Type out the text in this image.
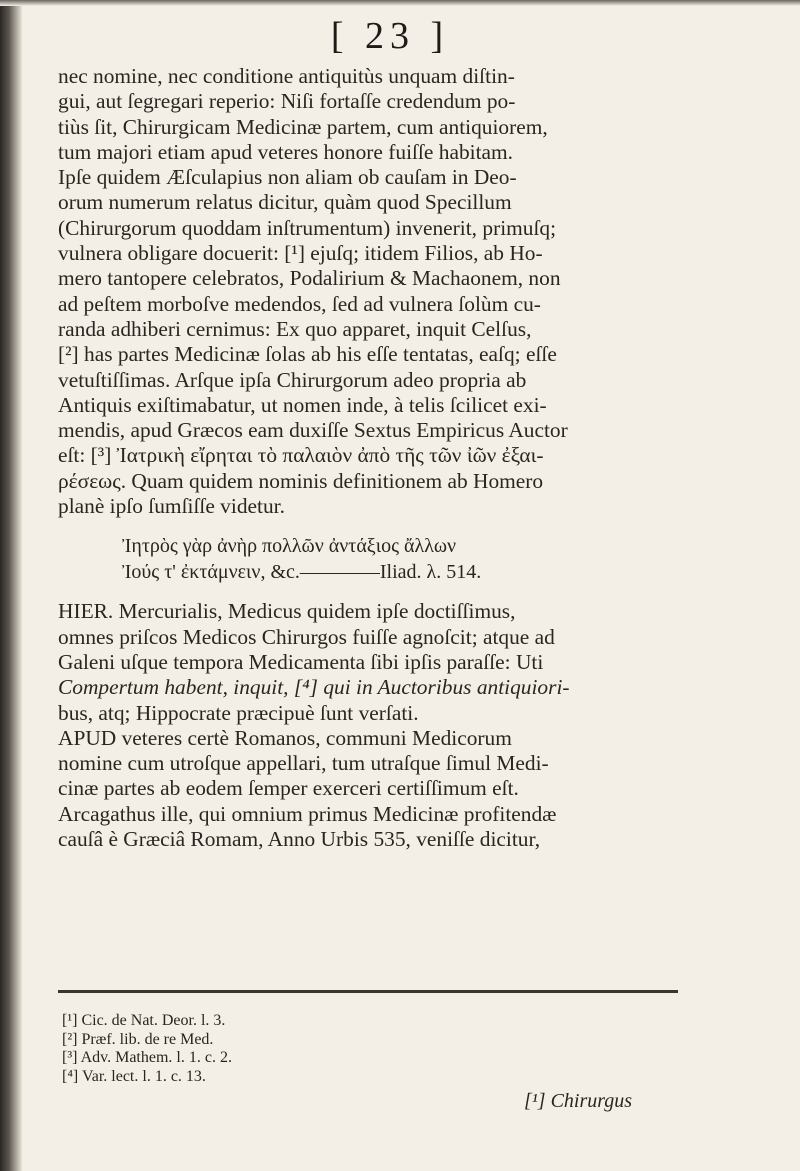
[ 23 ]
nec nomine, nec conditione antiquitùs unquam diſtin-
gui, aut ſegregari reperio: Niſi fortaſſe credendum po-
tiùs ſit, Chirurgicam Medicinæ partem, cum antiquiorem,
tum majori etiam apud veteres honore fuiſſe habitam.
Ipſe quidem Æſculapius non aliam ob cauſam in Deo-
orum numerum relatus dicitur, quàm quod Specillum
(Chirurgorum quoddam inſtrumentum) invenerit, primuſq;
vulnera obligare docuerit: [¹] ejuſq; itidem Filios, ab Ho-
mero tantopere celebratos, Podalirium & Machaonem, non
ad peſtem morboſve medendos, ſed ad vulnera ſolùm cu-
randa adhiberi cernimus: Ex quo apparet, inquit Celſus,
[²] has partes Medicinæ ſolas ab his eſſe tentatas, eaſq; eſſe
vetuſtiſſimas. Arſque ipſa Chirurgorum adeo propria ab
Antiquis exiſtimabatur, ut nomen inde, à telis ſcilicet exi-
mendis, apud Græcos eam duxiſſe Sextus Empiricus Auctor
eſt: [³] Ἰατρικὴ εἴρηται τὸ παλαιὸν ἀπὸ τῆς τῶν ἰῶν ἐξαι-
ρέσεως. Quam quidem nominis definitionem ab Homero
planè ipſo ſumſiſſe videtur.
Ἰητρὸς γὰρ ἀνὴρ πολλῶν ἀντάξιος ἄλλων
Ἰούς τ' ἐκτάμνειν, &c.————Iliad. λ. 514.
HIER. Mercurialis, Medicus quidem ipſe doctiſſimus,
omnes priſcos Medicos Chirurgos fuiſſe agnoſcit; atque ad
Galeni uſque tempora Medicamenta ſibi ipſis paraſſe: Uti
Compertum habent, inquit, [⁴] qui in Auctoribus antiquiori-
bus, atq; Hippocrate præcipuè ſunt verſati.
APUD veteres certè Romanos, communi Medicorum
nomine cum utroſque appellari, tum utraſque ſimul Medi-
cinæ partes ab eodem ſemper exerceri certiſſimum eſt.
Arcagathus ille, qui omnium primus Medicinæ profitendæ
cauſâ è Græciâ Romam, Anno Urbis 535, veniſſe dicitur,
[¹] Cic. de Nat. Deor. l. 3.
[²] Præf. lib. de re Med.
[³] Adv. Mathem. l. 1. c. 2.
[⁴] Var. lect. l. 1. c. 13.
[¹] Chirurgus
